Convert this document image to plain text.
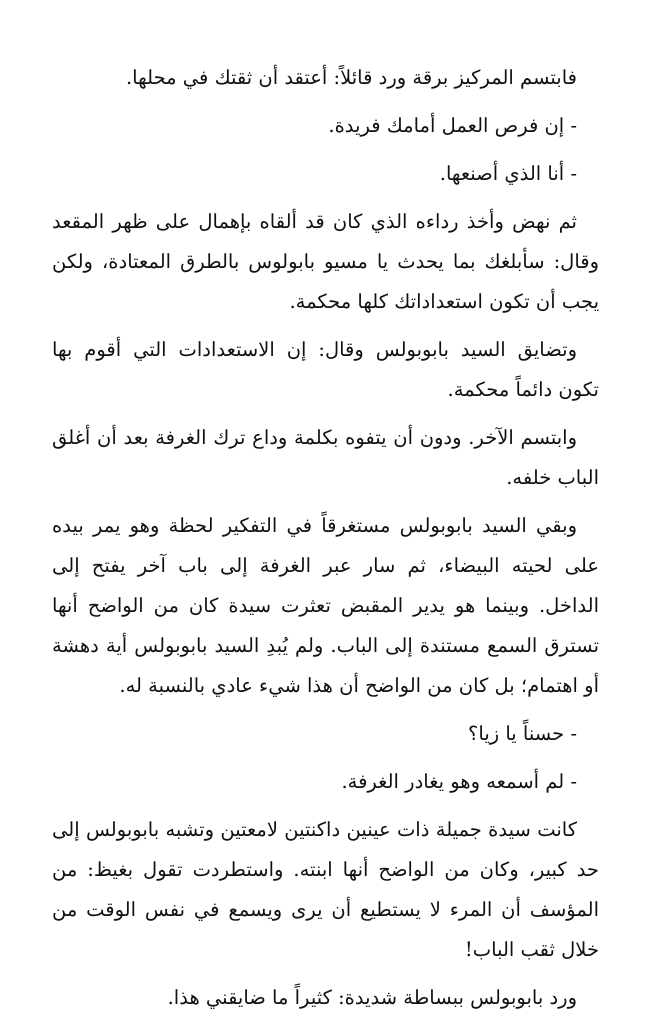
فابتسم المركيز برقة ورد قائلاً: أعتقد أن ثقتك في محلها.

- إن فرص العمل أمامك فريدة.

- أنا الذي أصنعها.

ثم نهض وأخذ رداءه الذي كان قد ألقاه بإهمال على ظهر المقعد وقال: سأبلغك بما يحدث يا مسيو بابولوس بالطرق المعتادة، ولكن يجب أن تكون استعداداتك كلها محكمة.

وتضايق السيد بابوبولس وقال: إن الاستعدادات التي أقوم بها تكون دائماً محكمة.

وابتسم الآخر. ودون أن يتفوه بكلمة وداع ترك الغرفة بعد أن أغلق الباب خلفه.

وبقي السيد بابوبولس مستغرقاً في التفكير لحظة وهو يمر بيده على لحيته البيضاء، ثم سار عبر الغرفة إلى باب آخر يفتح إلى الداخل. وبينما هو يدير المقبض تعثرت سيدة كان من الواضح أنها تسترق السمع مستندة إلى الباب. ولم يُبدِ السيد بابوبولس أية دهشة أو اهتمام؛ بل كان من الواضح أن هذا شيء عادي بالنسبة له.

- حسناً يا زيا؟

- لم أسمعه وهو يغادر الغرفة.

كانت سيدة جميلة ذات عينين داكنتين لامعتين وتشبه بابوبولس إلى حد كبير، وكان من الواضح أنها ابنته. واستطردت تقول بغيظ: من المؤسف أن المرء لا يستطيع أن يرى ويسمع في نفس الوقت من خلال ثقب الباب!

ورد بابوبولس ببساطة شديدة: كثيراً ما ضايقني هذا.
